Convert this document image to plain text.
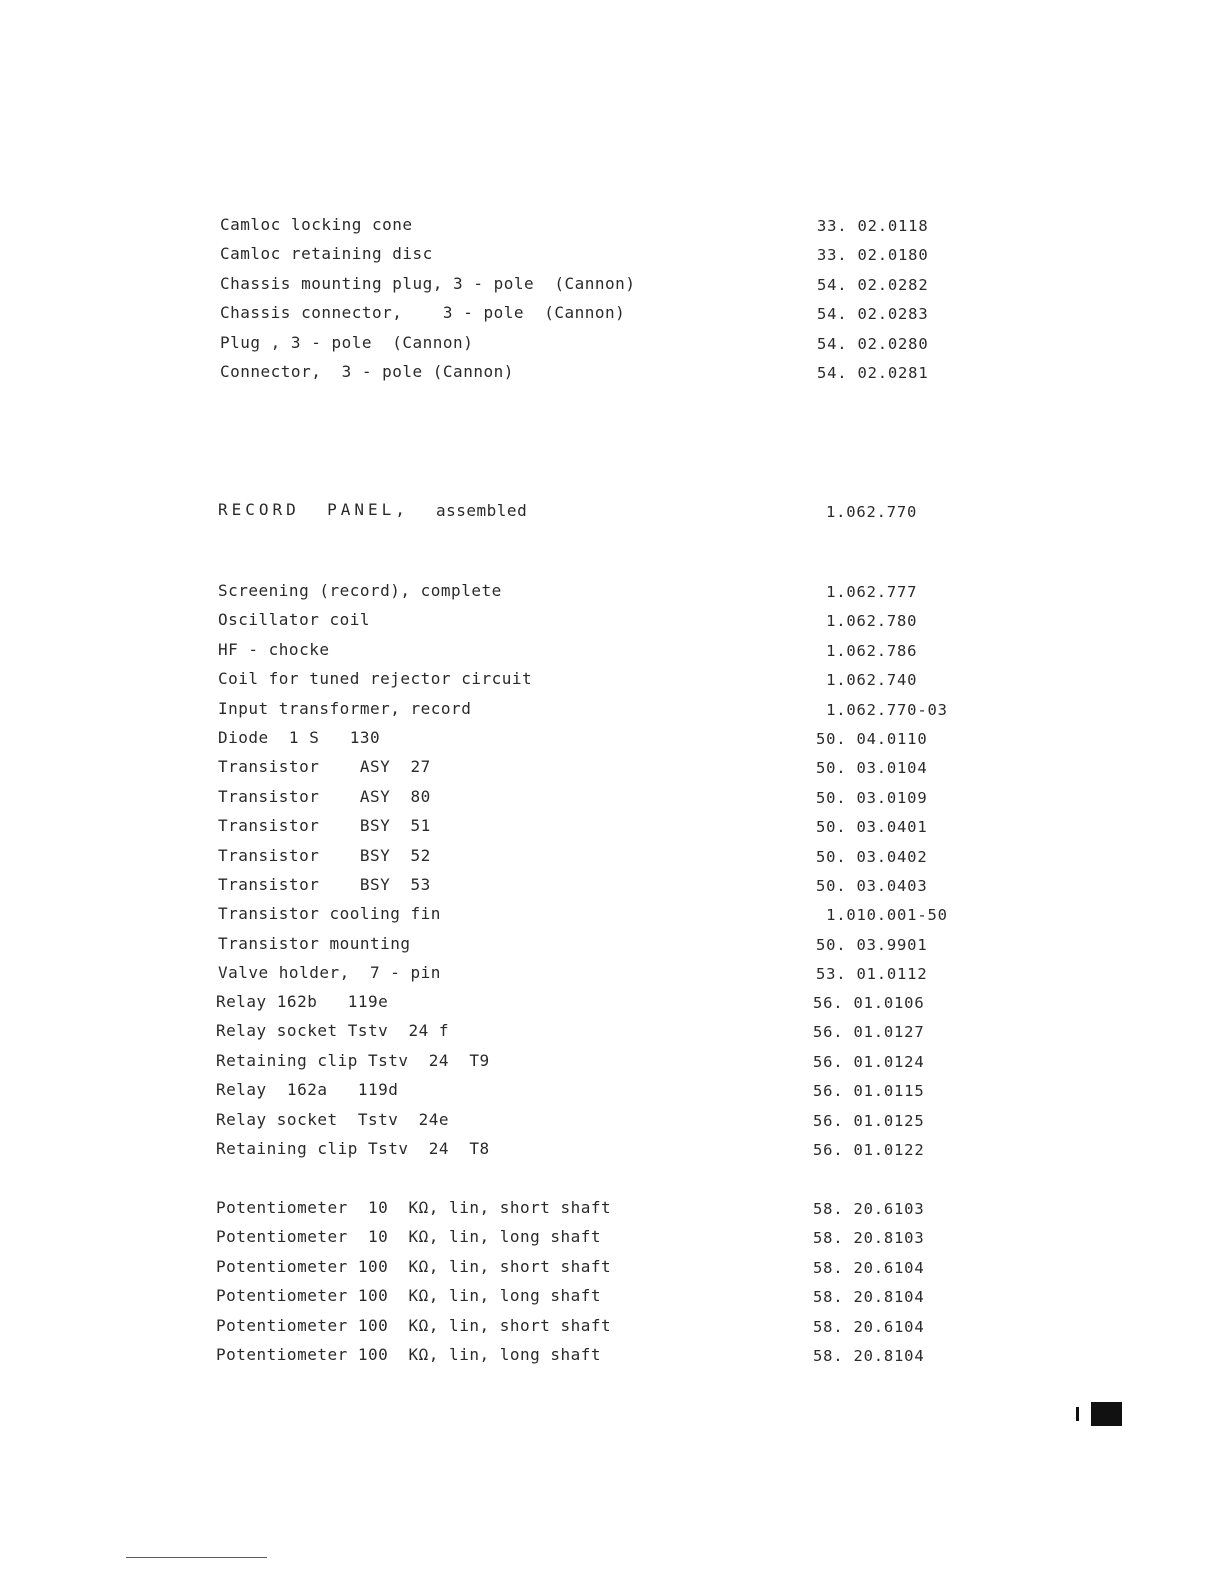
Camloc locking cone	33. 02.0118
Camloc retaining disc	33. 02.0180
Chassis mounting plug, 3 - pole  (Cannon)	54. 02.0282
Chassis connector,    3 - pole  (Cannon)	54. 02.0283
Plug , 3 - pole  (Cannon)	54. 02.0280
Connector,  3 - pole (Cannon)	54. 02.0281
RECORD  PANEL, assembled	1.062.770
Screening (record), complete	1.062.777
Oscillator coil	1.062.780
HF - chocke	1.062.786
Coil for tuned rejector circuit	1.062.740
Input transformer, record	1.062.770-03
Diode  1 S   130	50. 04.0110
Transistor    ASY  27	50. 03.0104
Transistor    ASY  80	50. 03.0109
Transistor    BSY  51	50. 03.0401
Transistor    BSY  52	50. 03.0402
Transistor    BSY  53	50. 03.0403
Transistor cooling fin	1.010.001-50
Transistor mounting	50. 03.9901
Valve holder,  7 - pin	53. 01.0112
Relay 162b   119e	56. 01.0106
Relay socket Tstv  24 f	56. 01.0127
Retaining clip Tstv  24  T9	56. 01.0124
Relay  162a   119d	56. 01.0115
Relay socket  Tstv  24e	56. 01.0125
Retaining clip Tstv  24  T8	56. 01.0122
Potentiometer  10  KΩ, lin, short shaft	58. 20.6103
Potentiometer  10  KΩ, lin, long shaft	58. 20.8103
Potentiometer 100  KΩ, lin, short shaft	58. 20.6104
Potentiometer 100  KΩ, lin, long shaft	58. 20.8104
Potentiometer 100  KΩ, lin, short shaft	58. 20.6104
Potentiometer 100  KΩ, lin, long shaft	58. 20.8104
